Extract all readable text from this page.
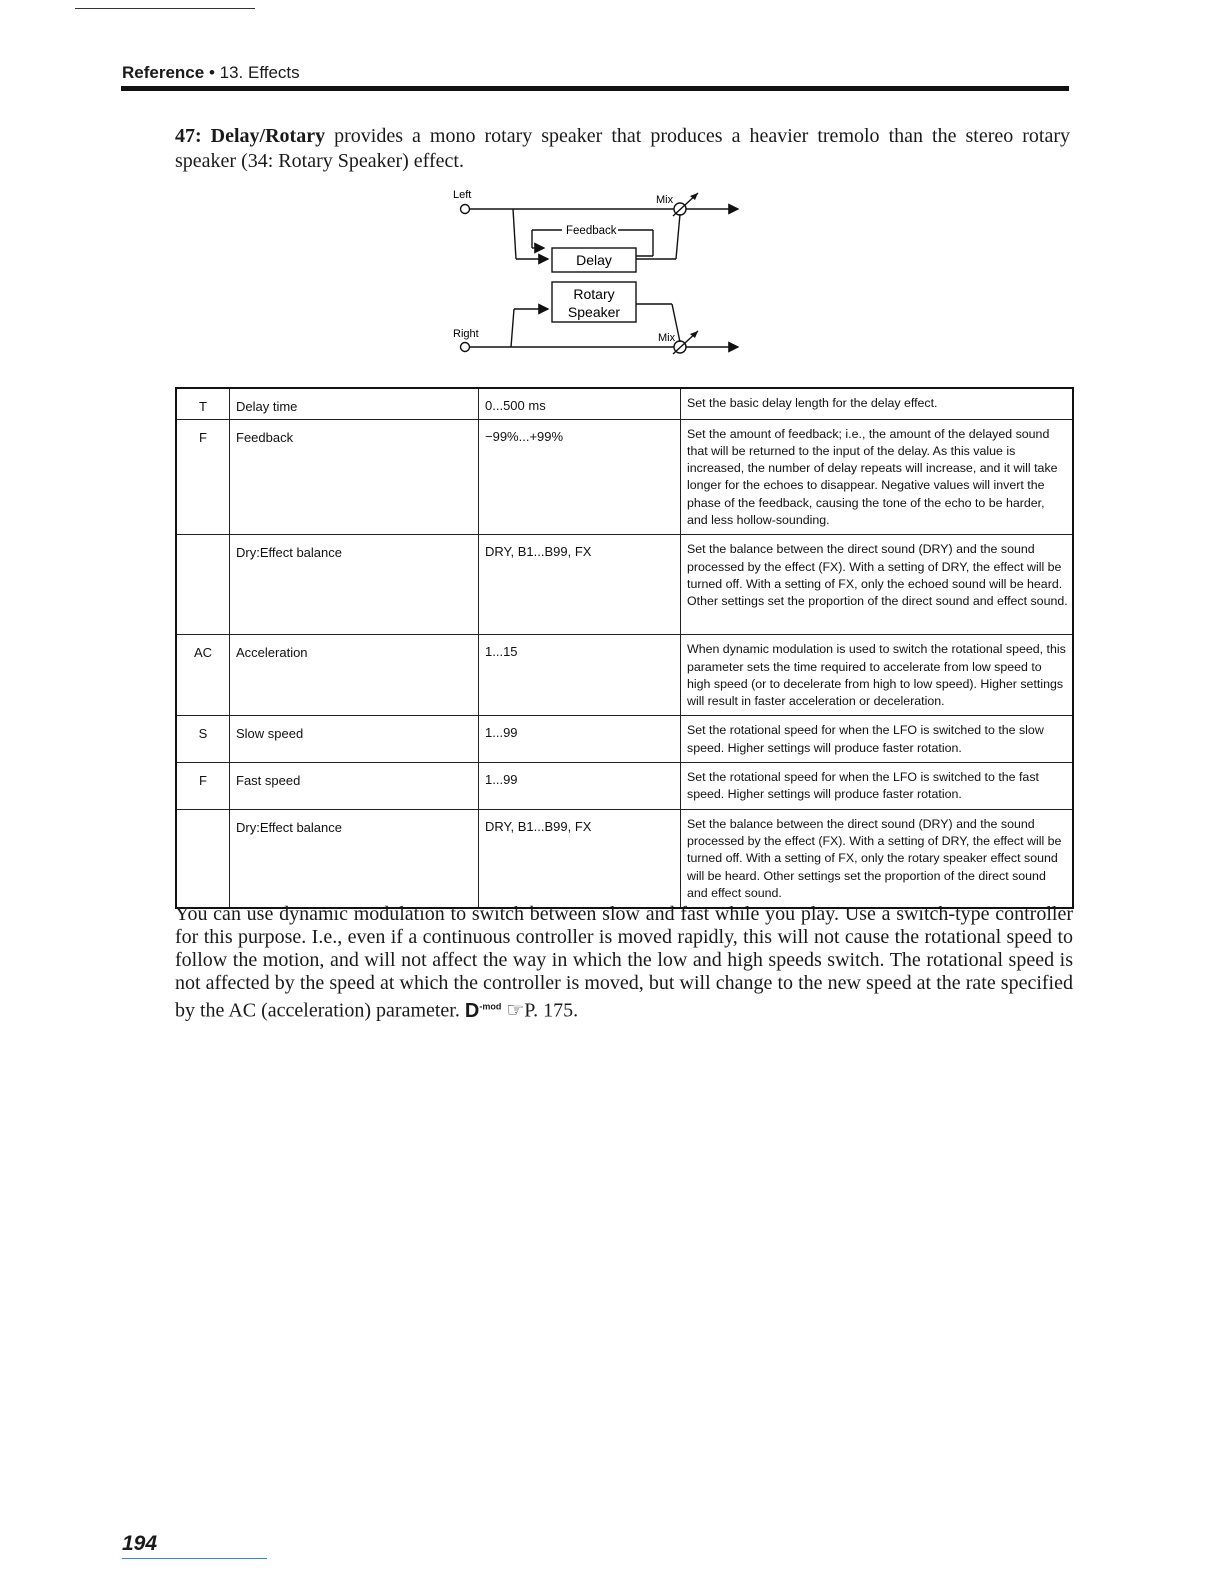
Reference • 13. Effects

47: Delay/Rotary provides a mono rotary speaker that produces a heavier tremolo than the stereo rotary speaker (34: Rotary Speaker) effect.

Left
Right
Feedback
Delay
Rotary
Speaker
Mix
Mix
T	Delay time	0...500 ms	Set the basic delay length for the delay effect.
F	Feedback	−99%...+99%	Set the amount of feedback; i.e., the amount of the delayed sound that will be returned to the input of the delay. As this value is increased, the number of delay repeats will increase, and it will take longer for the echoes to disappear. Negative values will invert the phase of the feedback, causing the tone of the echo to be harder, and less hollow-sounding.
	Dry:Effect balance	DRY, B1...B99, FX	Set the balance between the direct sound (DRY) and the sound processed by the effect (FX). With a setting of DRY, the effect will be turned off. With a setting of FX, only the echoed sound will be heard. Other settings set the proportion of the direct sound and effect sound.
AC	Acceleration	1...15	When dynamic modulation is used to switch the rotational speed, this parameter sets the time required to accelerate from low speed to high speed (or to decelerate from high to low speed). Higher settings will result in faster acceleration or deceleration.
S	Slow speed	1...99	Set the rotational speed for when the LFO is switched to the slow speed. Higher settings will produce faster rotation.
F	Fast speed	1...99	Set the rotational speed for when the LFO is switched to the fast speed. Higher settings will produce faster rotation.
	Dry:Effect balance	DRY, B1...B99, FX	Set the balance between the direct sound (DRY) and the sound processed by the effect (FX). With a setting of DRY, the effect will be turned off. With a setting of FX, only the rotary speaker effect sound will be heard. Other settings set the proportion of the direct sound and effect sound.

You can use dynamic modulation to switch between slow and fast while you play. Use a switch-type controller for this purpose. I.e., even if a continuous controller is moved rapidly, this will not cause the rotational speed to follow the motion, and will not affect the way in which the low and high speeds switch. The rotational speed is not affected by the speed at which the controller is moved, but will change to the new speed at the rate specified by the AC (acceleration) parameter. $D^{-mod}$ ☞P. 175.

194
